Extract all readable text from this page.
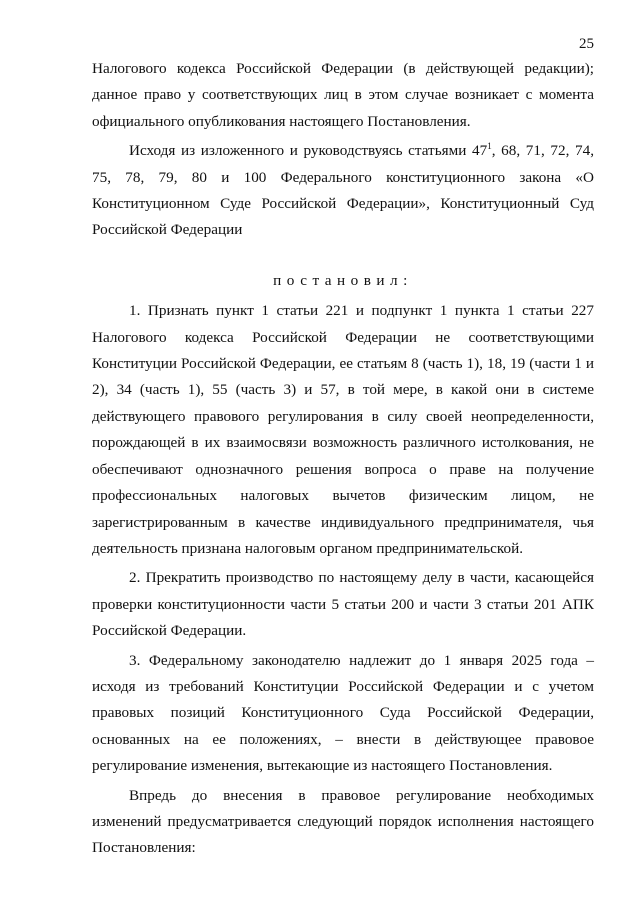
25

Налогового кодекса Российской Федерации (в действующей редакции); данное право у соответствующих лиц в этом случае возникает с момента официального опубликования настоящего Постановления.

Исходя из изложенного и руководствуясь статьями $47^1$, 68, 71, 72, 74, 75, 78, 79, 80 и 100 Федерального конституционного закона «О Конституционном Суде Российской Федерации», Конституционный Суд Российской Федерации

постановил:

1. Признать пункт 1 статьи 221 и подпункт 1 пункта 1 статьи 227 Налогового кодекса Российской Федерации не соответствующими Конституции Российской Федерации, ее статьям 8 (часть 1), 18, 19 (части 1 и 2), 34 (часть 1), 55 (часть 3) и 57, в той мере, в какой они в системе действующего правового регулирования в силу своей неопределенности, порождающей в их взаимосвязи возможность различного истолкования, не обеспечивают однозначного решения вопроса о праве на получение профессиональных налоговых вычетов физическим лицом, не зарегистрированным в качестве индивидуального предпринимателя, чья деятельность признана налоговым органом предпринимательской.

2. Прекратить производство по настоящему делу в части, касающейся проверки конституционности части 5 статьи 200 и части 3 статьи 201 АПК Российской Федерации.

3. Федеральному законодателю надлежит до 1 января 2025 года – исходя из требований Конституции Российской Федерации и с учетом правовых позиций Конституционного Суда Российской Федерации, основанных на ее положениях, – внести в действующее правовое регулирование изменения, вытекающие из настоящего Постановления.

Впредь до внесения в правовое регулирование необходимых изменений предусматривается следующий порядок исполнения настоящего Постановления:
